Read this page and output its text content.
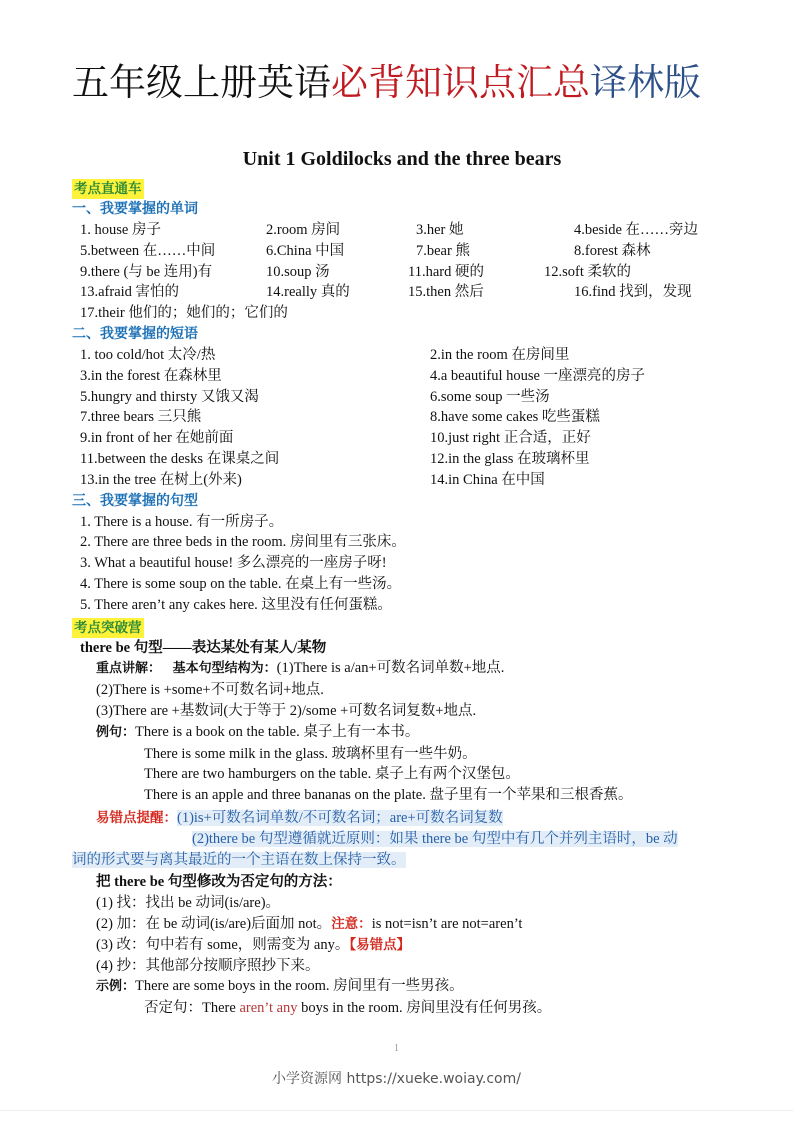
五年级上册英语必背知识点汇总译林版
Unit 1 Goldilocks and the three bears
考点直通车
一、我要掌握的单词
1. house 房子	2.room 房间	3.her 她	4.beside 在……旁边
5.between 在……中间	6.China 中国	7.bear 熊	8.forest 森林
9.there (与 be 连用)有	10.soup 汤	11.hard 硬的	12.soft 柔软的
13.afraid 害怕的	14.really 真的	15.then 然后	16.find 找到，发现
17.their 他们的；她们的；它们的
二、我要掌握的短语
1. too cold/hot 太冷/热	2.in the room 在房间里
3.in the forest 在森林里	4.a beautiful house 一座漂亮的房子
5.hungry and thirsty 又饿又渴	6.some soup 一些汤
7.three bears 三只熊	8.have some cakes 吃些蛋糕
9.in front of her 在她前面	10.just right 正合适，正好
11.between the desks 在课桌之间	12.in the glass 在玻璃杯里
13.in the tree 在树上(外来)	14.in China 在中国
三、我要掌握的句型
1. There is a house. 有一所房子。
2. There are three beds in the room. 房间里有三张床。
3. What a beautiful house! 多么漂亮的一座房子呀!
4. There is some soup on the table. 在桌上有一些汤。
5. There aren’t any cakes here. 这里没有任何蛋糕。
考点突破营
there be 句型——表达某处有某人/某物
重点讲解： 基本句型结构为：(1)There is a/an+可数名词单数+地点.
(2)There is +some+不可数名词+地点.
(3)There are +基数词(大于等于 2)/some +可数名词复数+地点.
例句：There is a book on the table. 桌子上有一本书。
There is some milk in the glass. 玻璃杯里有一些牛奶。
There are two hamburgers on the table. 桌子上有两个汉堡包。
There is an apple and three bananas on the plate. 盘子里有一个苹果和三根香蕉。
易错点提醒：(1)is+可数名词单数/不可数名词；are+可数名词复数
(2)there be 句型遵循就近原则：如果 there be 句型中有几个并列主语时，be 动
词的形式要与离其最近的一个主语在数上保持一致。
把 there be 句型修改为否定句的方法：
(1) 找：找出 be 动词(is/are)。
(2) 加：在 be 动词(is/are)后面加 not。注意：is not=isn’t are not=aren’t
(3) 改：句中若有 some，则需变为 any。【易错点】
(4) 抄：其他部分按顺序照抄下来。
示例：There are some boys in the room. 房间里有一些男孩。
否定句：There aren’t any boys in the room. 房间里没有任何男孩。
1
小学资源网 https://xueke.woiay.com/
